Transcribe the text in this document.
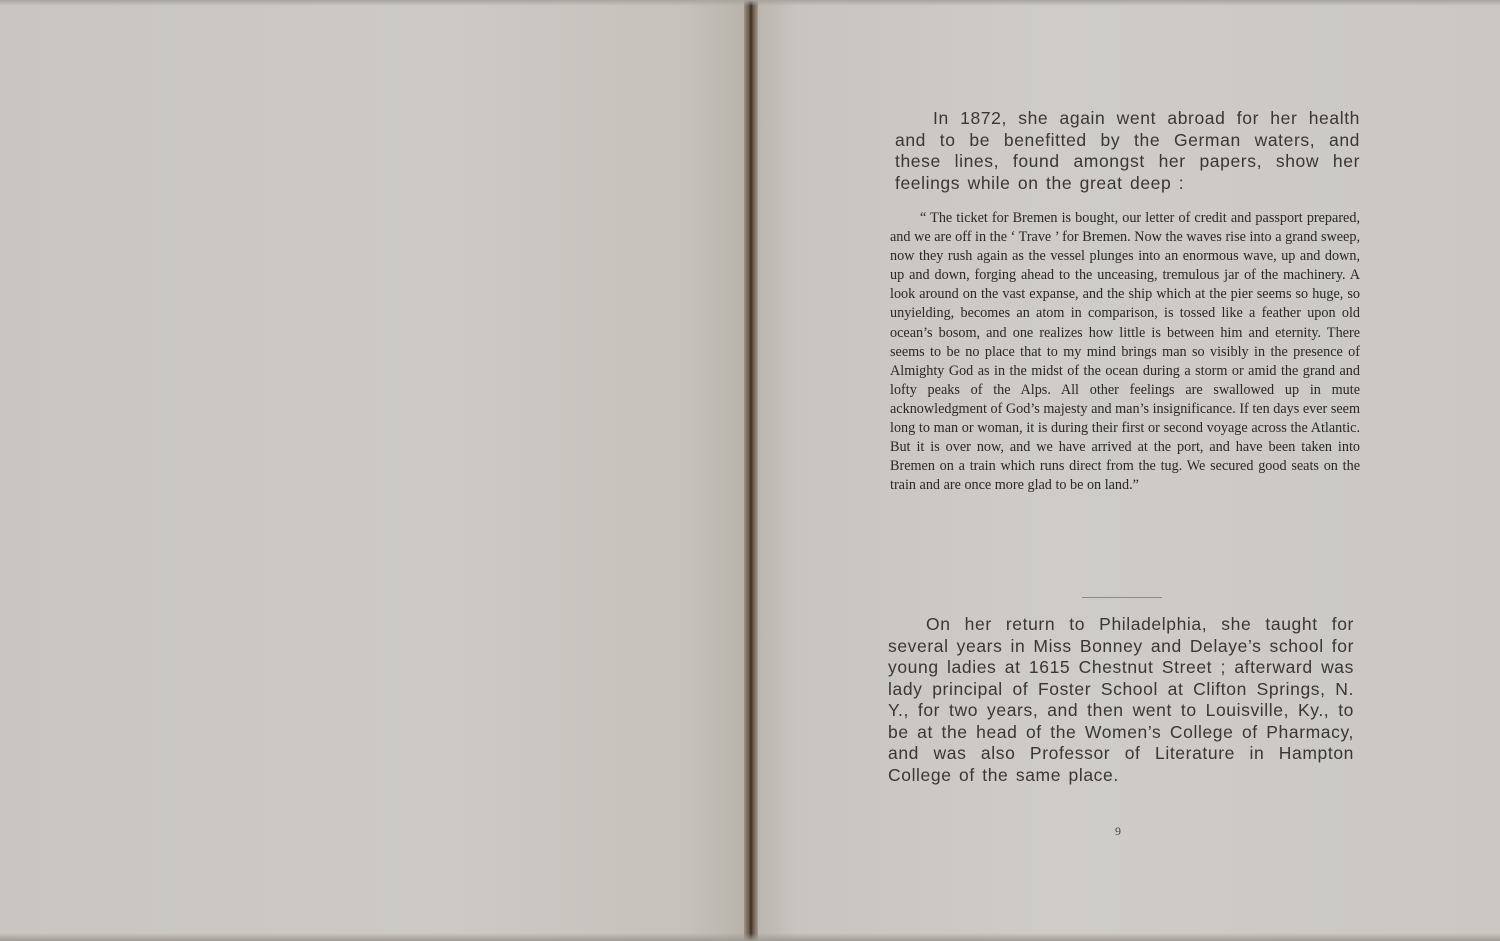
In 1872, she again went abroad for her health and to be benefitted by the German waters, and these lines, found amongst her papers, show her feelings while on the great deep :

“ The ticket for Bremen is bought, our letter of credit and passport prepared, and we are off in the ‘ Trave ’ for Bremen. Now the waves rise into a grand sweep, now they rush again as the vessel plunges into an enormous wave, up and down, up and down, forging ahead to the unceasing, tremulous jar of the machinery. A look around on the vast expanse, and the ship which at the pier seems so huge, so unyielding, becomes an atom in comparison, is tossed like a feather upon old ocean’s bosom, and one realizes how little is between him and eternity. There seems to be no place that to my mind brings man so visibly in the presence of Almighty God as in the midst of the ocean during a storm or amid the grand and lofty peaks of the Alps. All other feelings are swallowed up in mute acknowledgment of God’s majesty and man’s insignificance. If ten days ever seem long to man or woman, it is during their first or second voyage across the Atlantic. But it is over now, and we have arrived at the port, and have been taken into Bremen on a train which runs direct from the tug. We secured good seats on the train and are once more glad to be on land.”

On her return to Philadelphia, she taught for several years in Miss Bonney and Delaye’s school for young ladies at 1615 Chestnut Street ; afterward was lady principal of Foster School at Clifton Springs, N. Y., for two years, and then went to Louisville, Ky., to be at the head of the Women’s College of Pharmacy, and was also Professor of Literature in Hampton College of the same place.

9
